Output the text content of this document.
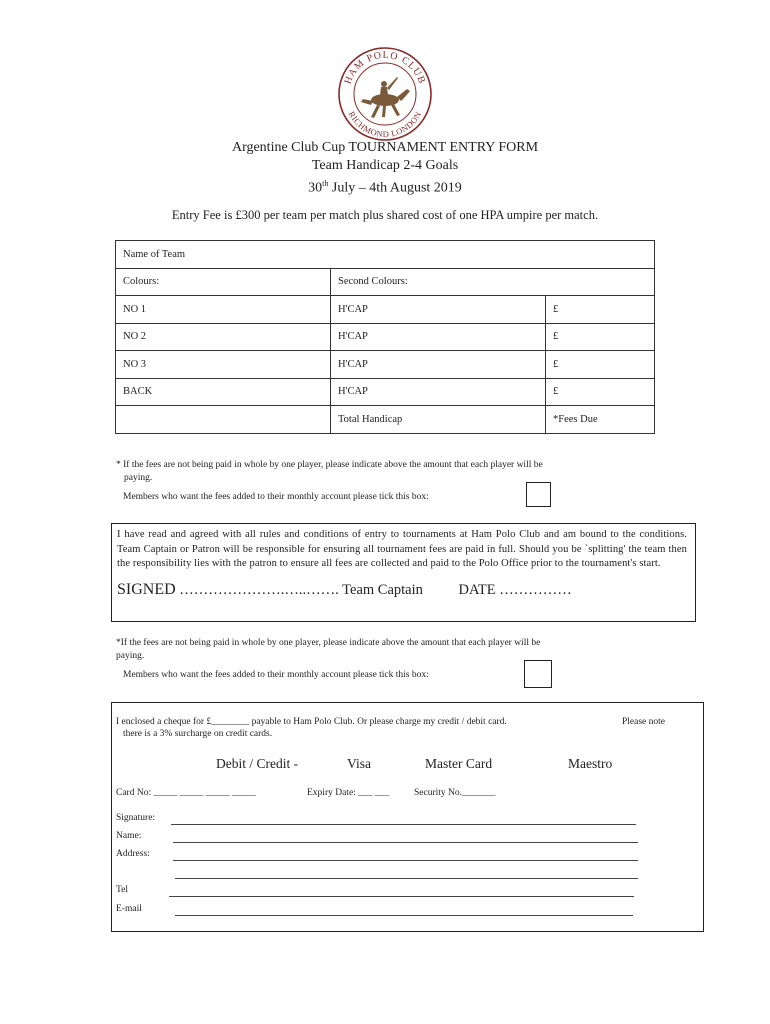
HAM POLO CLUB
RICHMOND LONDON
Argentine Club Cup TOURNAMENT ENTRY FORM
Team Handicap 2-4 Goals
30th July – 4th August 2019
Entry Fee is £300 per team per match plus shared cost of one HPA umpire per match.
Name of Team		
Colours:	Second Colours:	
NO 1	H'CAP	£
NO 2	H'CAP	£
NO 3	H'CAP	£
BACK	H'CAP	£
	Total Handicap	*Fees Due
* If the fees are not being paid in whole by one player, please indicate above the amount that each player will be
paying.
Members who want the fees added to their monthly account please tick this box:
I have read and agreed with all rules and conditions of entry to tournaments at Ham Polo Club and am bound to the conditions. Team Captain or Patron will be responsible for ensuring all tournament fees are paid in full. Should you be `splitting' the team then the responsibility lies with the patron to ensure all fees are collected and paid to the Polo Office prior to the tournament's start.
SIGNED ………………….…..……. Team Captain DATE ……………
*If the fees are not being paid in whole by one player, please indicate above the amount that each player will be
paying.
Members who want the fees added to their monthly account please tick this box:
I enclosed a cheque for £________ payable to Ham Polo Club. Or please charge my credit / debit card.	Please note
there is a 3% surcharge on credit cards.
Debit / Credit -	Visa	Master Card	Maestro
Card No: _____ _____ _____ _____	Expiry Date: ___ ___	Security No._______
Signature:
Name:
Address:
Tel
E-mail
